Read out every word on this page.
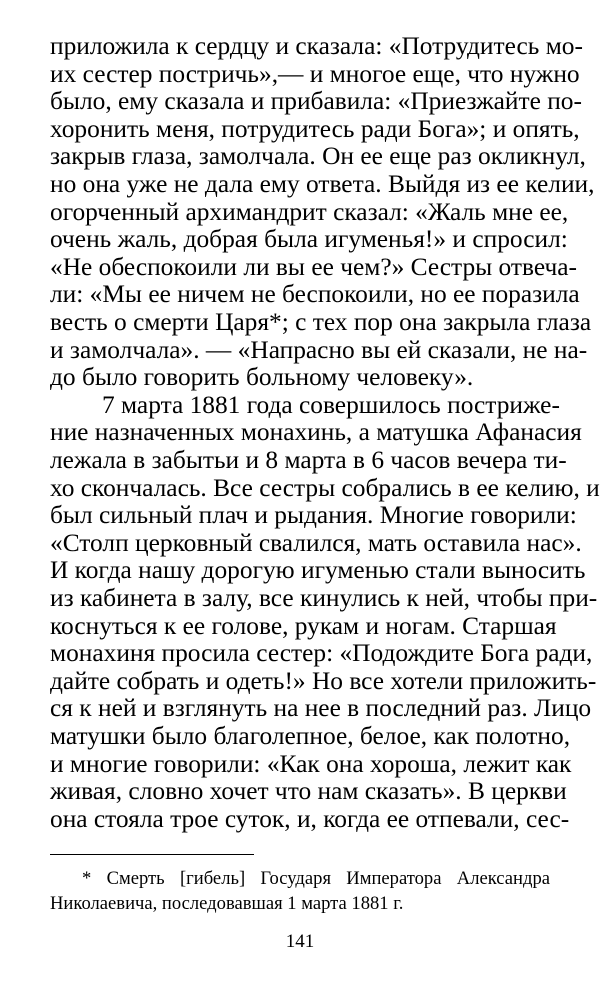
приложила к сердцу и сказала: «Потрудитесь мо-
их сестер постричь»,— и многое еще, что нужно
было, ему сказала и прибавила: «Приезжайте по-
хоронить меня, потрудитесь ради Бога»; и опять,
закрыв глаза, замолчала. Он ее еще раз окликнул,
но она уже не дала ему ответа. Выйдя из ее келии,
огорченный архимандрит сказал: «Жаль мне ее,
очень жаль, добрая была игуменья!» и спросил:
«Не обеспокоили ли вы ее чем?» Сестры отвеча-
ли: «Мы ее ничем не беспокоили, но ее поразила
весть о смерти Царя*; с тех пор она закрыла глаза
и замолчала». — «Напрасно вы ей сказали, не на-
до было говорить больному человеку».
7 марта 1881 года совершилось постриже-
ние назначенных монахинь, а матушка Афанасия
лежала в забытьи и 8 марта в 6 часов вечера ти-
хо скончалась. Все сестры собрались в ее келию, и
был сильный плач и рыдания. Многие говорили:
«Столп церковный свалился, мать оставила нас».
И когда нашу дорогую игуменью стали выносить
из кабинета в залу, все кинулись к ней, чтобы при-
коснуться к ее голове, рукам и ногам. Старшая
монахиня просила сестер: «Подождите Бога ради,
дайте собрать и одеть!» Но все хотели приложить-
ся к ней и взглянуть на нее в последний раз. Лицо
матушки было благолепное, белое, как полотно,
и многие говорили: «Как она хороша, лежит как
живая, словно хочет что нам сказать». В церкви
* Смерть [гибель] Государя Императора Александра
Николаевича, последовавшая 1 марта 1881 г.
141
она стояла трое суток, и, когда ее отпевали, сес-
